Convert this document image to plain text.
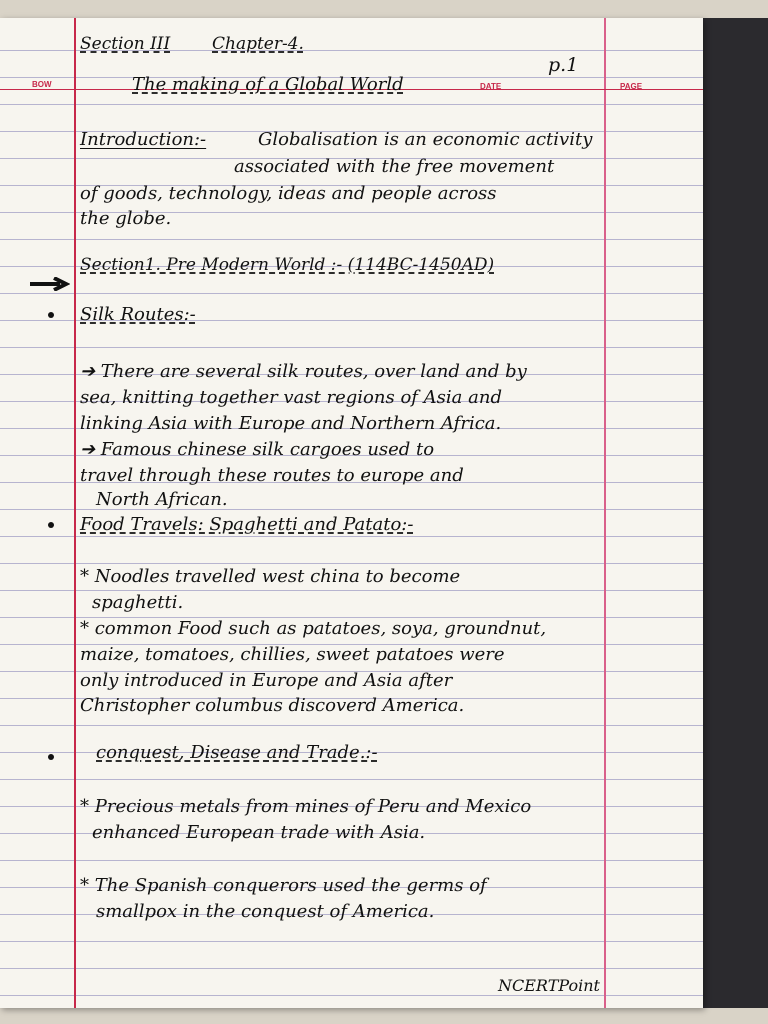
BOW	DATE	PAGE
Section III Chapter-4.
p.1
The making of a Global World
Introduction:-	Globalisation is an economic activity
associated with the free movement
of goods, technology, ideas and people across
the globe.
Section1. Pre Modern World :- (114BC-1450AD)
Silk Routes:-
➔ There are several silk routes, over land and by
sea, knitting together vast regions of Asia and
linking Asia with Europe and Northern Africa.
➔ Famous chinese silk cargoes used to
travel through these routes to europe and
North African.
Food Travels: Spaghetti and Patato:-
* Noodles travelled west china to become
spaghetti.
* common Food such as patatoes, soya, groundnut,
maize, tomatoes, chillies, sweet patatoes were
only introduced in Europe and Asia after
Christopher columbus discoverd America.
conquest, Disease and Trade.:-
* Precious metals from mines of Peru and Mexico
enhanced European trade with Asia.
* The Spanish conquerors used the germs of
smallpox in the conquest of America.
NCERTPoint
